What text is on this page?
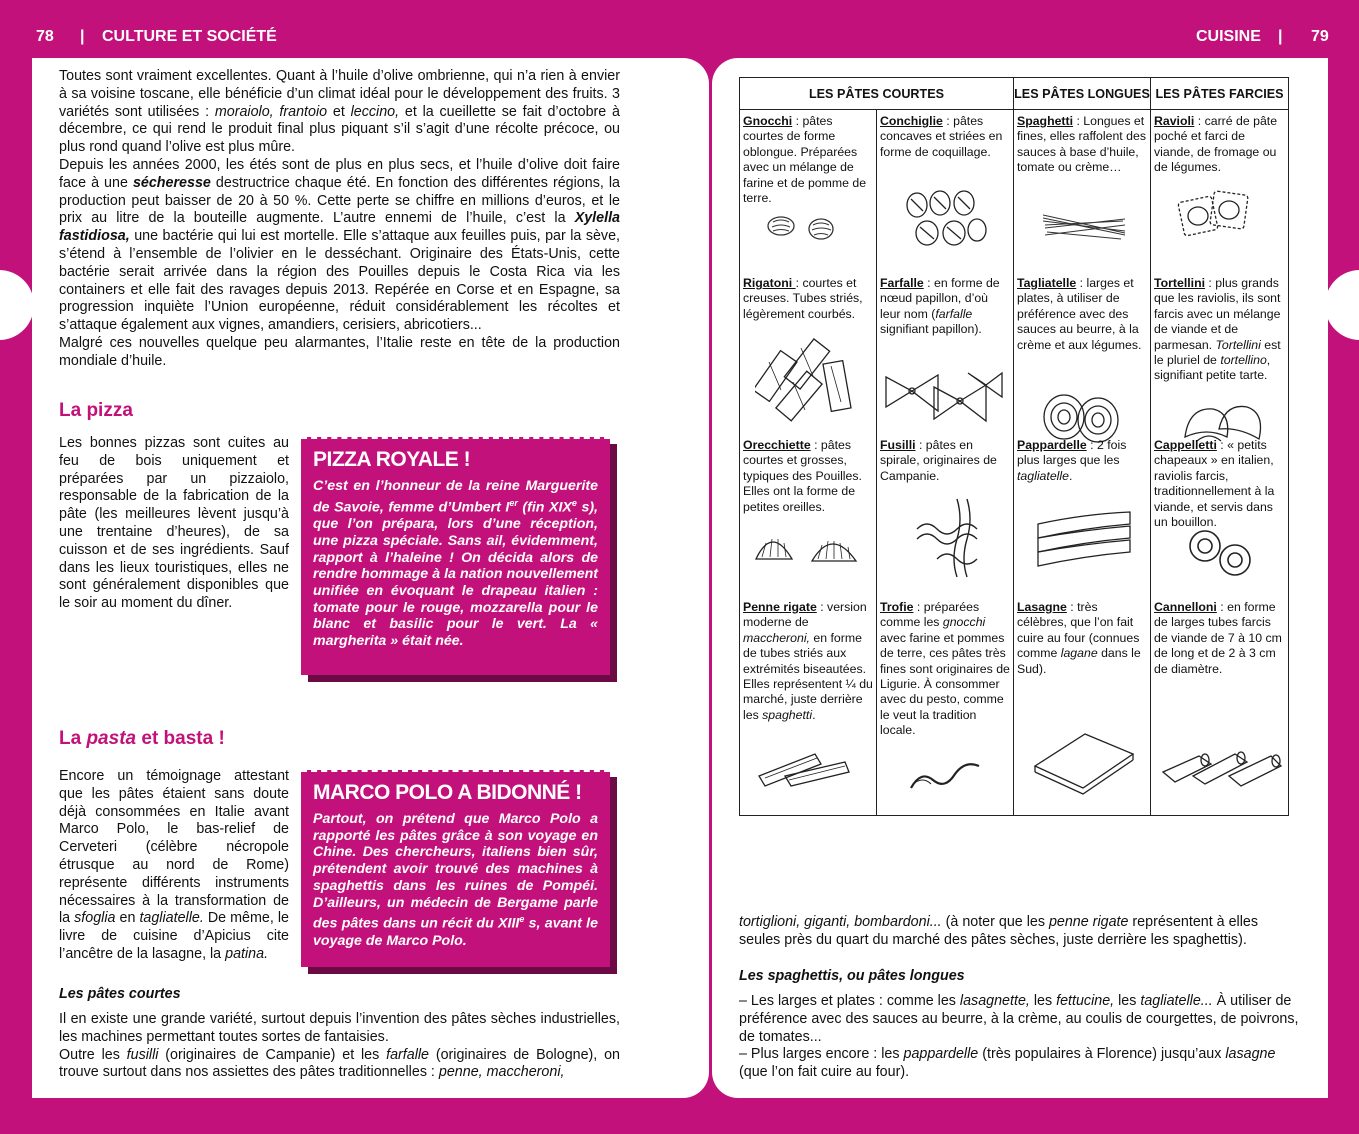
78 | CULTURE ET SOCIÉTÉ	CUISINE | 79

Toutes sont vraiment excellentes. Quant à l’huile d’olive ombrienne, qui n’a rien à envier à sa voisine toscane, elle bénéficie d’un climat idéal pour le développement des fruits. 3 variétés sont utilisées : moraiolo, frantoio et leccino, et la cueillette se fait d’octobre à décembre, ce qui rend le produit final plus piquant s’il s’agit d’une récolte précoce, ou plus rond quand l’olive est plus mûre.

Depuis les années 2000, les étés sont de plus en plus secs, et l’huile d’olive doit faire face à une sécheresse destructrice chaque été. En fonction des différentes régions, la production peut baisser de 20 à 50 %. Cette perte se chiffre en millions d’euros, et le prix au litre de la bouteille augmente. L’autre ennemi de l’huile, c’est la Xylella fastidiosa, une bactérie qui lui est mortelle. Elle s’attaque aux feuilles puis, par la sève, s’étend à l’ensemble de l’olivier en le desséchant. Originaire des États-Unis, cette bactérie serait arrivée dans la région des Pouilles depuis le Costa Rica via les containers et elle fait des ravages depuis 2013. Repérée en Corse et en Espagne, sa progression inquiète l’Union européenne, réduit considérablement les récoltes et s’attaque également aux vignes, amandiers, cerisiers, abricotiers...

Malgré ces nouvelles quelque peu alarmantes, l’Italie reste en tête de la production mondiale d’huile.

La pizza

Les bonnes pizzas sont cuites au feu de bois uniquement et préparées par un pizzaiolo, responsable de la fabrication de la pâte (les meilleures lèvent jusqu’à une trentaine d’heures), de sa cuisson et de ses ingrédients. Sauf dans les lieux touristiques, elles ne sont généralement disponibles que le soir au moment du dîner.

PIZZA ROYALE !
C’est en l’honneur de la reine Marguerite de Savoie, femme d’Umbert Ier (fin XIXe s), que l’on prépara, lors d’une réception, une pizza spéciale. Sans ail, évidemment, rapport à l’haleine ! On décida alors de rendre hommage à la nation nouvellement unifiée en évoquant le drapeau italien : tomate pour le rouge, mozzarella pour le blanc et basilic pour le vert. La « margherita » était née.
La pasta et basta !

Encore un témoignage attestant que les pâtes étaient sans doute déjà consommées en Italie avant Marco Polo, le bas-relief de Cerveteri (célèbre nécropole étrusque au nord de Rome) représente différents instruments nécessaires à la transformation de la sfoglia en tagliatelle. De même, le livre de cuisine d’Apicius cite l’ancêtre de la lasagne, la patina.

MARCO POLO A BIDONNÉ !
Partout, on prétend que Marco Polo a rapporté les pâtes grâce à son voyage en Chine. Des chercheurs, italiens bien sûr, prétendent avoir trouvé des machines à spaghettis dans les ruines de Pompéi. D’ailleurs, un médecin de Bergame parle des pâtes dans un récit du XIIIe s, avant le voyage de Marco Polo.
Les pâtes courtes

Il en existe une grande variété, surtout depuis l’invention des pâtes sèches industrielles, les machines permettant toutes sortes de fantaisies.

Outre les fusilli (originaires de Campanie) et les farfalle (originaires de Bologne), on trouve surtout dans nos assiettes des pâtes traditionnelles : penne, maccheroni,

LES PÂTES COURTES		LES PÂTES LONGUES	LES PÂTES FARCIES

Gnocchi : pâtes courtes de forme oblongue. Préparées avec un mélange de farine et de pomme de terre.	Conchiglie : pâtes concaves et striées en forme de coquillage.	Spaghetti : Longues et fines, elles raffolent des sauces à base d’huile, tomate ou crème…	Ravioli : carré de pâte poché et farci de viande, de fromage ou de légumes.

Rigatoni : courtes et creuses. Tubes striés, légèrement courbés.	Farfalle : en forme de nœud papillon, d’où leur nom (farfalle signifiant papillon).	Tagliatelle : larges et plates, à utiliser de préférence avec des sauces au beurre, à la crème et aux légumes.	Tortellini : plus grands que les raviolis, ils sont farcis avec un mélange de viande et de parmesan. Tortellini est le pluriel de tortellino, signifiant petite tarte.

Orecchiette : pâtes courtes et grosses, typiques des Pouilles. Elles ont la forme de petites oreilles.	Fusilli : pâtes en spirale, originaires de Campanie.	Pappardelle : 2 fois plus larges que les tagliatelle.	Cappelletti : « petits chapeaux » en italien, raviolis farcis, traditionnellement à la viande, et servis dans un bouillon.

Penne rigate : version moderne de maccheroni, en forme de tubes striés aux extrémités biseautées. Elles représentent ¼ du marché, juste derrière les spaghetti.	Trofie : préparées comme les gnocchi avec farine et pommes de terre, ces pâtes très fines sont originaires de Ligurie. À consommer avec du pesto, comme le veut la tradition locale.	Lasagne : très célèbres, que l’on fait cuire au four (connues comme lagane dans le Sud).	Cannelloni : en forme de larges tubes farcis de viande de 7 à 10 cm de long et de 2 à 3 cm de diamètre.

tortiglioni, giganti, bombardoni... (à noter que les penne rigate représentent à elles seules près du quart du marché des pâtes sèches, juste derrière les spaghettis).

Les spaghettis, ou pâtes longues

– Les larges et plates : comme les lasagnette, les fettucine, les tagliatelle... À utiliser de préférence avec des sauces au beurre, à la crème, au coulis de courgettes, de poivrons, de tomates...

– Plus larges encore : les pappardelle (très populaires à Florence) jusqu’aux lasagne (que l’on fait cuire au four).
